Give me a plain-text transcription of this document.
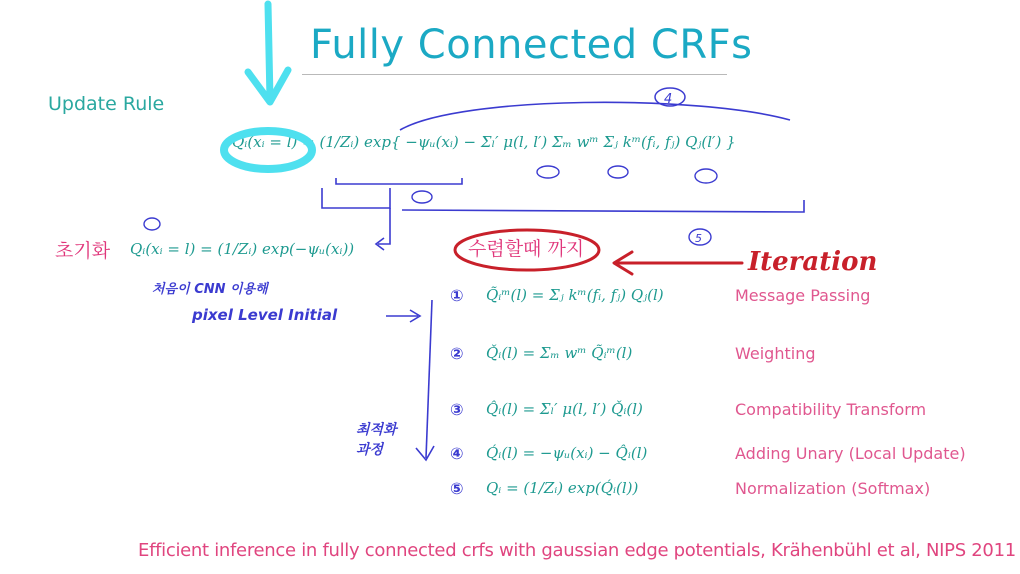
Fully Connected CRFs
Update Rule
Qᵢ(xᵢ = l) = (1/Zᵢ) exp{ −ψᵤ(xᵢ) − Σₗ′ μ(l, l′) Σₘ wᵐ Σⱼ kᵐ(fᵢ, fⱼ) Qⱼ(l′) }
초기화 Qᵢ(xᵢ = l) = (1/Zᵢ) exp(−ψᵤ(xᵢ))	수렴할때 까지	Iteration
처음이 CNN 이용해
pixel Level Initial
최적화 과정
① Q̃ᵢᵐ(l) = Σⱼ kᵐ(fᵢ, fⱼ) Qⱼ(l)	Message Passing
② Q̌ᵢ(l) = Σₘ wᵐ Q̃ᵢᵐ(l)	Weighting
③ Q̂ᵢ(l) = Σₗ′ μ(l, l′) Q̌ᵢ(l)	Compatibility Transform
④ Q́ᵢ(l) = −ψᵤ(xᵢ) − Q̂ᵢ(l)	Adding Unary (Local Update)
⑤ Qᵢ = (1/Zᵢ) exp(Q́ᵢ(l))	Normalization (Softmax)
Efficient inference in fully connected crfs with gaussian edge potentials, Krähenbühl et al, NIPS 2011
4
5
